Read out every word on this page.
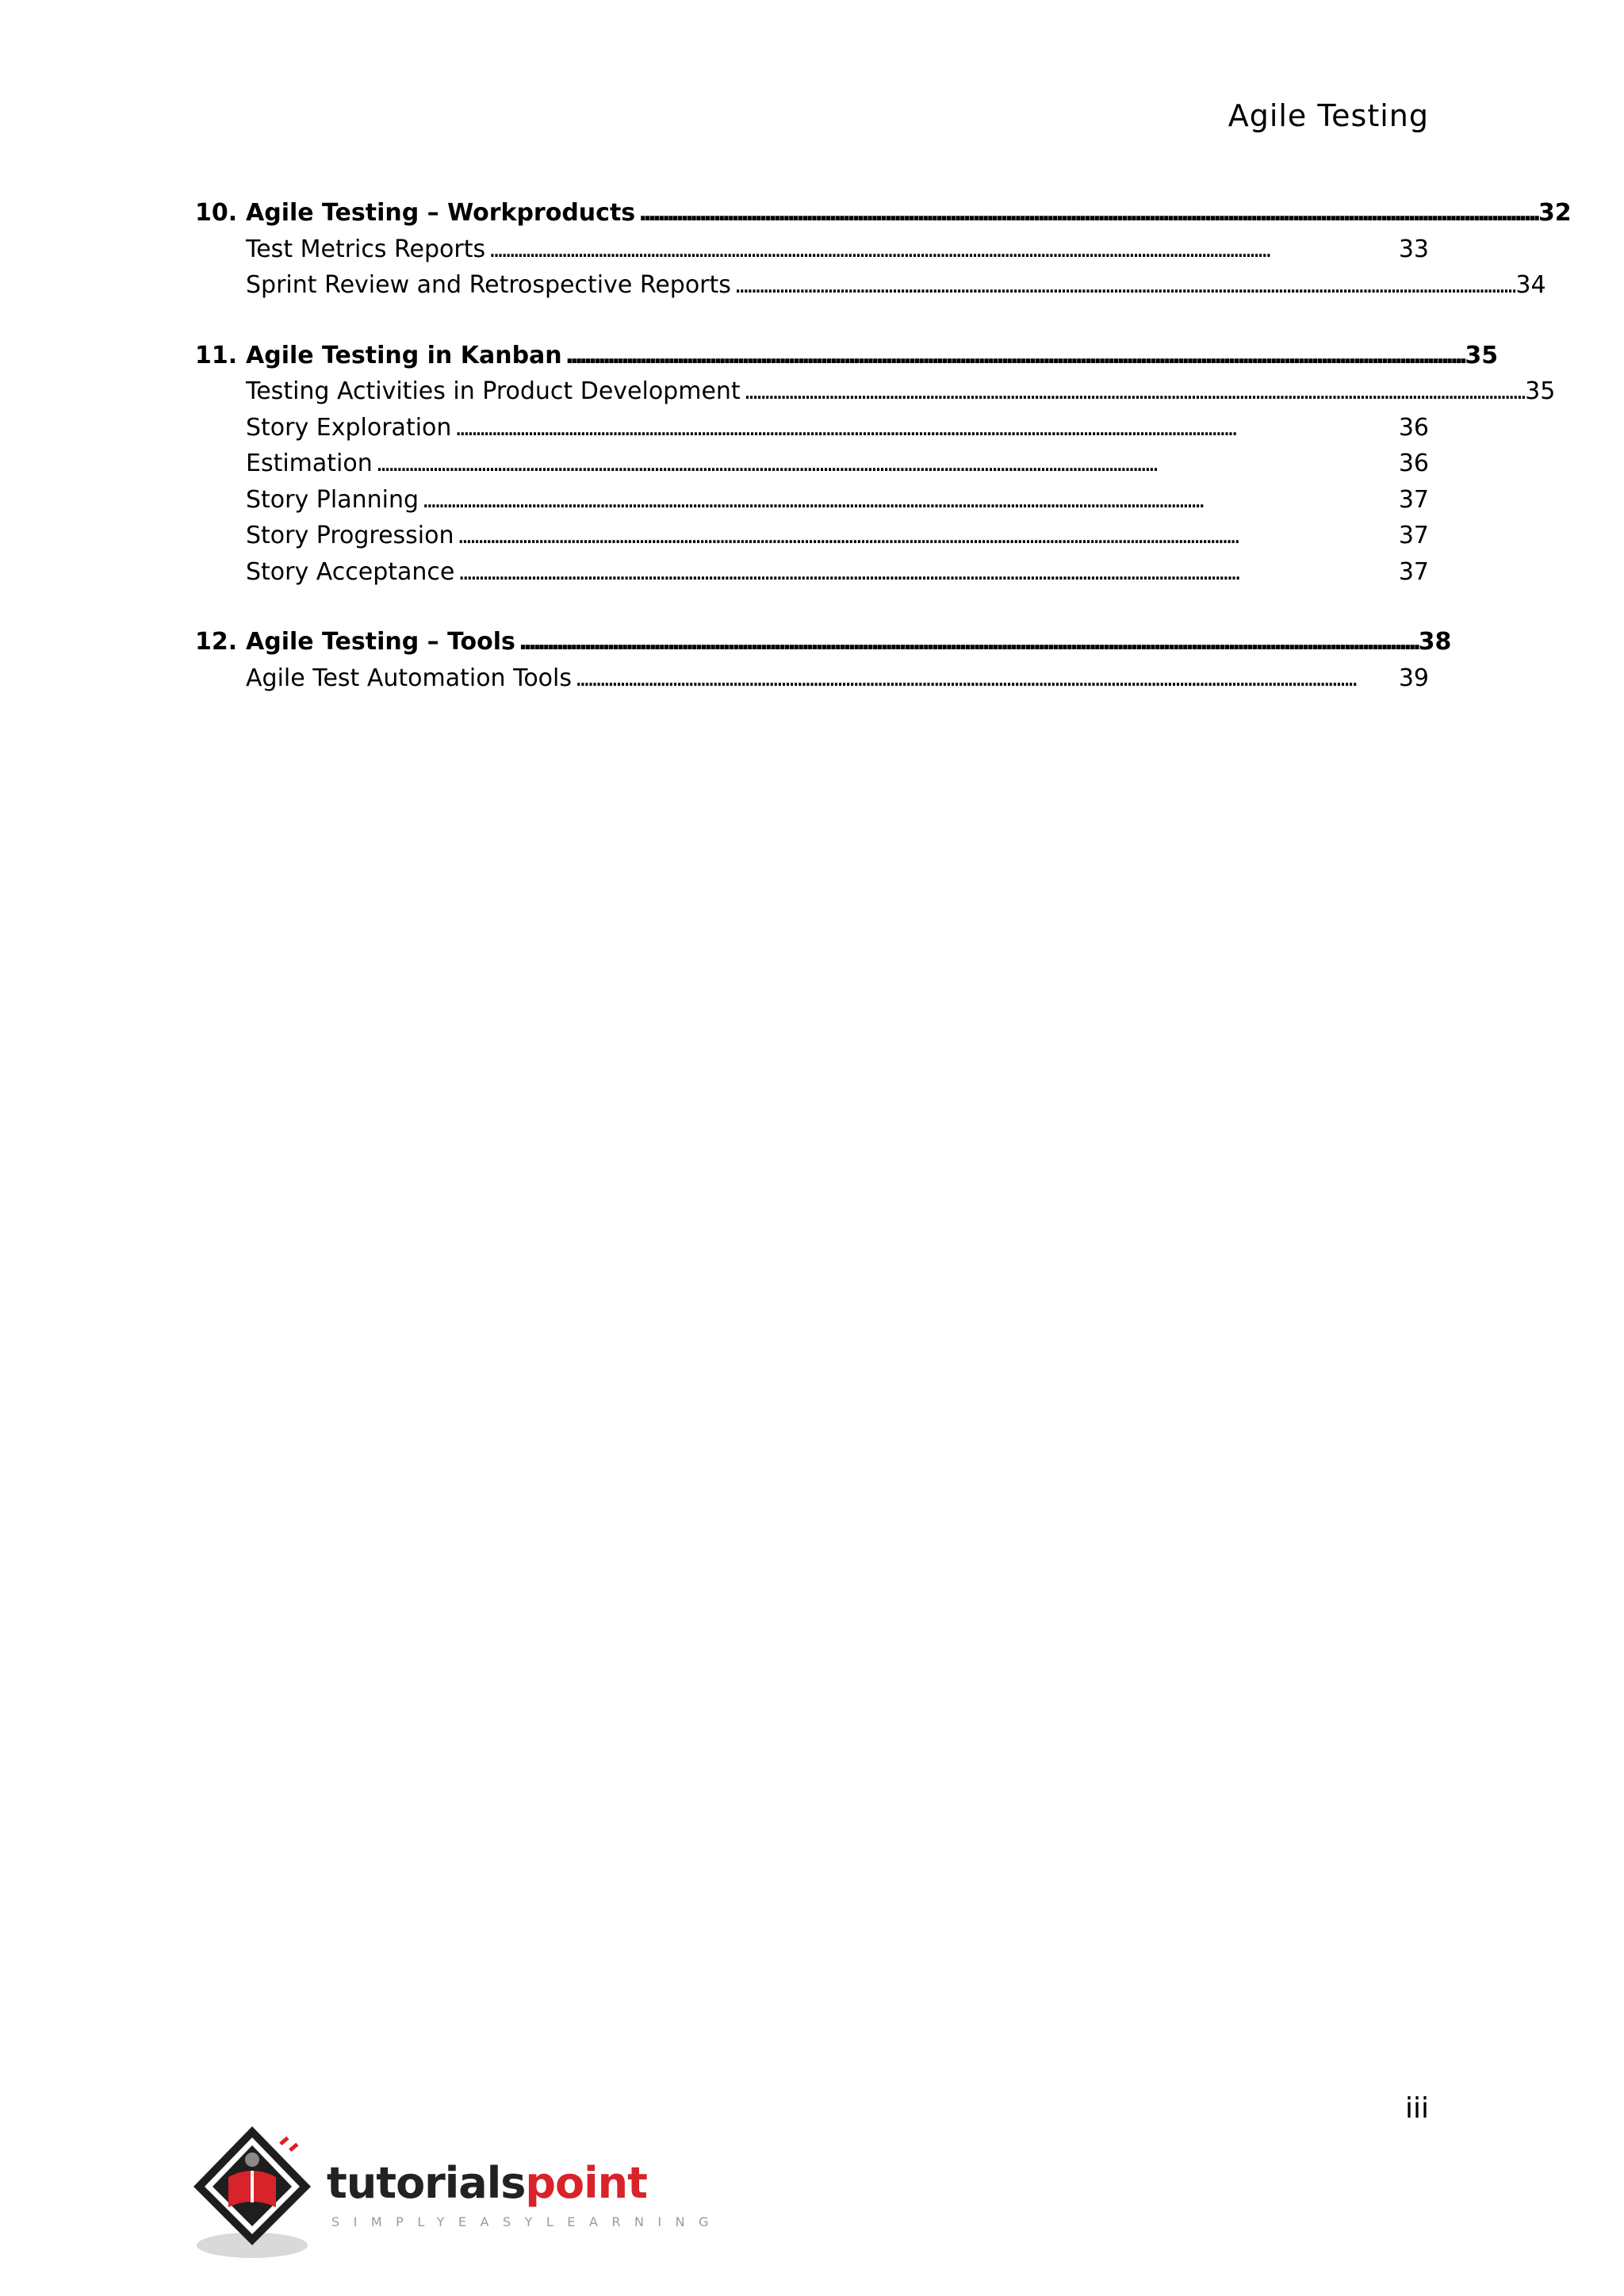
Agile Testing
10. Agile Testing – Workproducts . . .	32
Test Metrics Reports . . .	33
Sprint Review and Retrospective Reports . . .	34
11. Agile Testing in Kanban . . .	35
Testing Activities in Product Development . . .	35
Story Exploration . . .	36
Estimation . . .	36
Story Planning . . .	37
Story Progression . . .	37
Story Acceptance . . .	37
12. Agile Testing – Tools . . .	38
Agile Test Automation Tools . . .	39
iii
tutorialspoint
SIMPLYEASYLEARNING
